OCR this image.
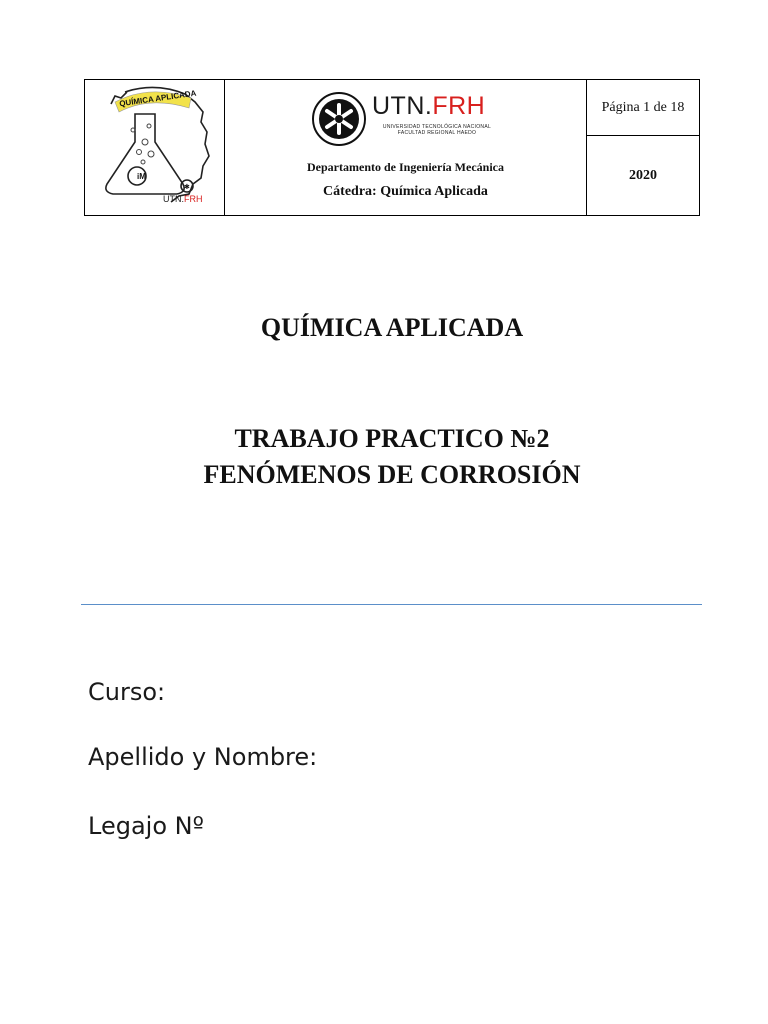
iM
✱
QUÍMICA APLICADA
UTN.FRH

UTN.FRH
UNIVERSIDAD TECNOLÓGICA NACIONAL
FACULTAD REGIONAL HAEDO
Departamento de Ingeniería Mecánica
Cátedra: Química Aplicada
	Página 1 de 18
2020
QUÍMICA APLICADA
TRABAJO PRACTICO №2
FENÓMENOS DE CORROSIÓN
Curso:
Apellido y Nombre:
Legajo Nº
